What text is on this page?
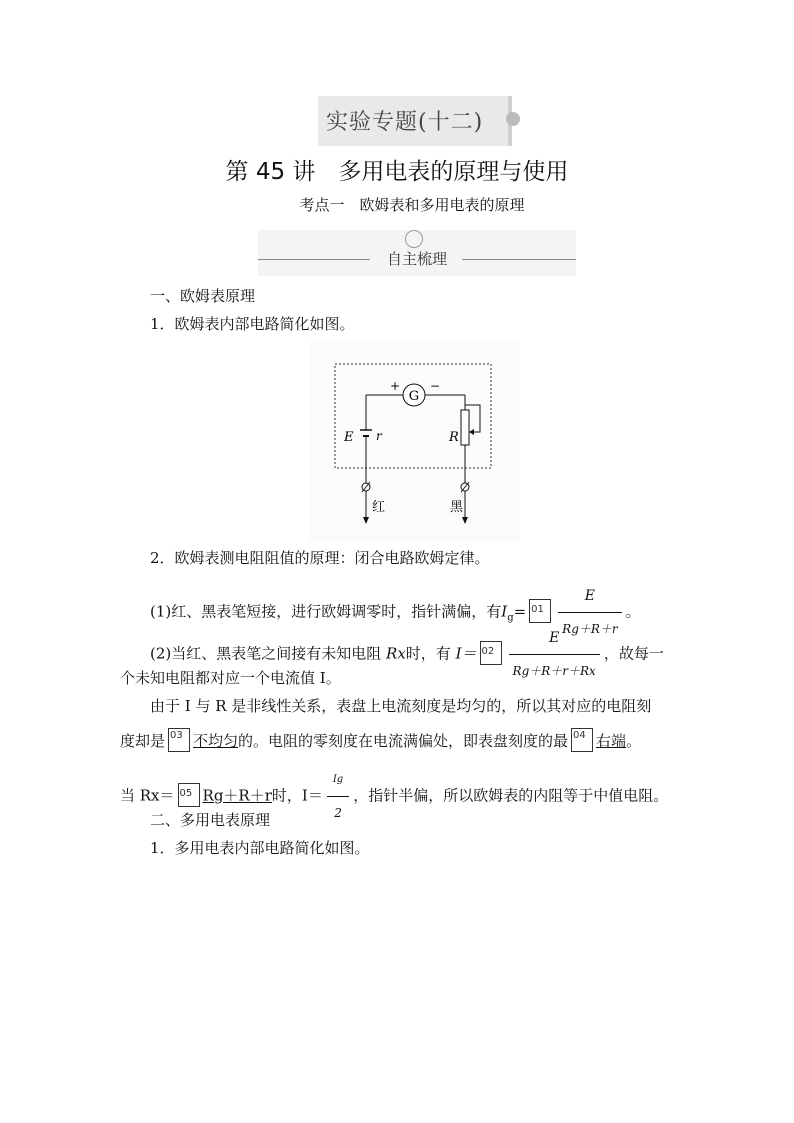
实验专题(十二)
第 45 讲　多用电表的原理与使用
考点一　欧姆表和多用电表的原理
自主梳理
一、欧姆表原理
1．欧姆表内部电路简化如图。
G
+ −
E r	R
红	黑
2．欧姆表测电阻阻值的原理：闭合电路欧姆定律。
(1)红、黑表笔短接，进行欧姆调零时，指针满偏，有$I_g= 01 \frac{E}{Rg+R+r}$ 。
(2)当红、黑表笔之间接有未知电阻 Rx时，有 $I= 02 \frac{E}{Rg+R+r+Rx}$ ，故每一
个未知电阻都对应一个电流值 I。
由于 I 与 R 是非线性关系，表盘上电流刻度是均匀的，所以其对应的电阻刻
度却是 03 不均匀的。电阻的零刻度在电流满偏处，即表盘刻度的最 04 右端。
当 Rx＝ 05 Rg＋R＋r时，$I= \frac{Ig}{2}$ ，指针半偏，所以欧姆表的内阻等于中值电阻。
二、多用电表原理
1．多用电表内部电路简化如图。
